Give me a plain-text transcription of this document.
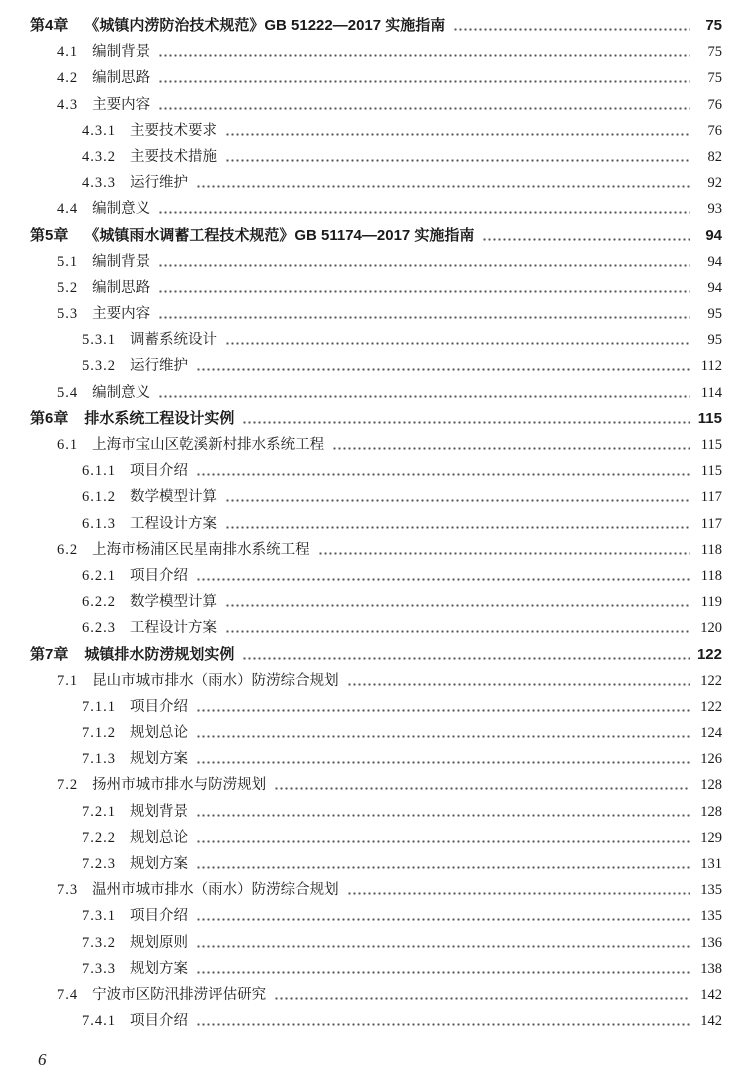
第4章 《城镇内涝防治技术规范》GB 51222—2017 实施指南	75
4.1 编制背景	75
4.2 编制思路	75
4.3 主要内容	76
4.3.1 主要技术要求	76
4.3.2 主要技术措施	82
4.3.3 运行维护	92
4.4 编制意义	93
第5章 《城镇雨水调蓄工程技术规范》GB 51174—2017 实施指南	94
5.1 编制背景	94
5.2 编制思路	94
5.3 主要内容	95
5.3.1 调蓄系统设计	95
5.3.2 运行维护	112
5.4 编制意义	114
第6章 排水系统工程设计实例	115
6.1 上海市宝山区乾溪新村排水系统工程	115
6.1.1 项目介绍	115
6.1.2 数学模型计算	117
6.1.3 工程设计方案	117
6.2 上海市杨浦区民星南排水系统工程	118
6.2.1 项目介绍	118
6.2.2 数学模型计算	119
6.2.3 工程设计方案	120
第7章 城镇排水防涝规划实例	122
7.1 昆山市城市排水（雨水）防涝综合规划	122
7.1.1 项目介绍	122
7.1.2 规划总论	124
7.1.3 规划方案	126
7.2 扬州市城市排水与防涝规划	128
7.2.1 规划背景	128
7.2.2 规划总论	129
7.2.3 规划方案	131
7.3 温州市城市排水（雨水）防涝综合规划	135
7.3.1 项目介绍	135
7.3.2 规划原则	136
7.3.3 规划方案	138
7.4 宁波市区防汛排涝评估研究	142
7.4.1 项目介绍	142
6
